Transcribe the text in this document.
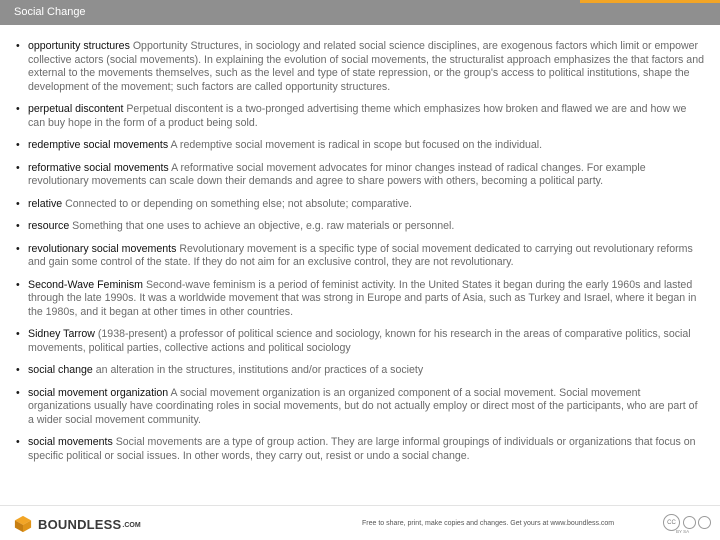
Social Change
• opportunity structures Opportunity Structures, in sociology and related social science disciplines, are exogenous factors which limit or empower collective actors (social movements). In explaining the evolution of social movements, the structuralist approach emphasizes the that factors and external to the movements themselves, such as the level and type of state repression, or the group's access to political institutions, shape the development of the movement; such factors are called opportunity structures.
• perpetual discontent Perpetual discontent is a two-pronged advertising theme which emphasizes how broken and flawed we are and how we can buy hope in the form of a product being sold.
• redemptive social movements A redemptive social movement is radical in scope but focused on the individual.
• reformative social movements A reformative social movement advocates for minor changes instead of radical changes. For example revolutionary movements can scale down their demands and agree to share powers with others, becoming a political party.
• relative Connected to or depending on something else; not absolute; comparative.
• resource Something that one uses to achieve an objective, e.g. raw materials or personnel.
• revolutionary social movements Revolutionary movement is a specific type of social movement dedicated to carrying out revolutionary reforms and gain some control of the state. If they do not aim for an exclusive control, they are not revolutionary.
• Second-Wave Feminism Second-wave feminism is a period of feminist activity. In the United States it began during the early 1960s and lasted through the late 1990s. It was a worldwide movement that was strong in Europe and parts of Asia, such as Turkey and Israel, where it began in the 1980s, and it began at other times in other countries.
• Sidney Tarrow (1938-present) a professor of political science and sociology, known for his research in the areas of comparative politics, social movements, political parties, collective actions and political sociology
• social change an alteration in the structures, institutions and/or practices of a society
• social movement organization A social movement organization is an organized component of a social movement. Social movement organizations usually have coordinating roles in social movements, but do not actually employ or direct most of the participants, who are part of a wider social movement community.
• social movements Social movements are a type of group action. They are large informal groupings of individuals or organizations that focus on specific political or social issues. In other words, they carry out, resist or undo a social change.
BOUNDLESS .COM	Free to share, print, make copies and changes. Get yours at www.boundless.com	CC
BY SA
